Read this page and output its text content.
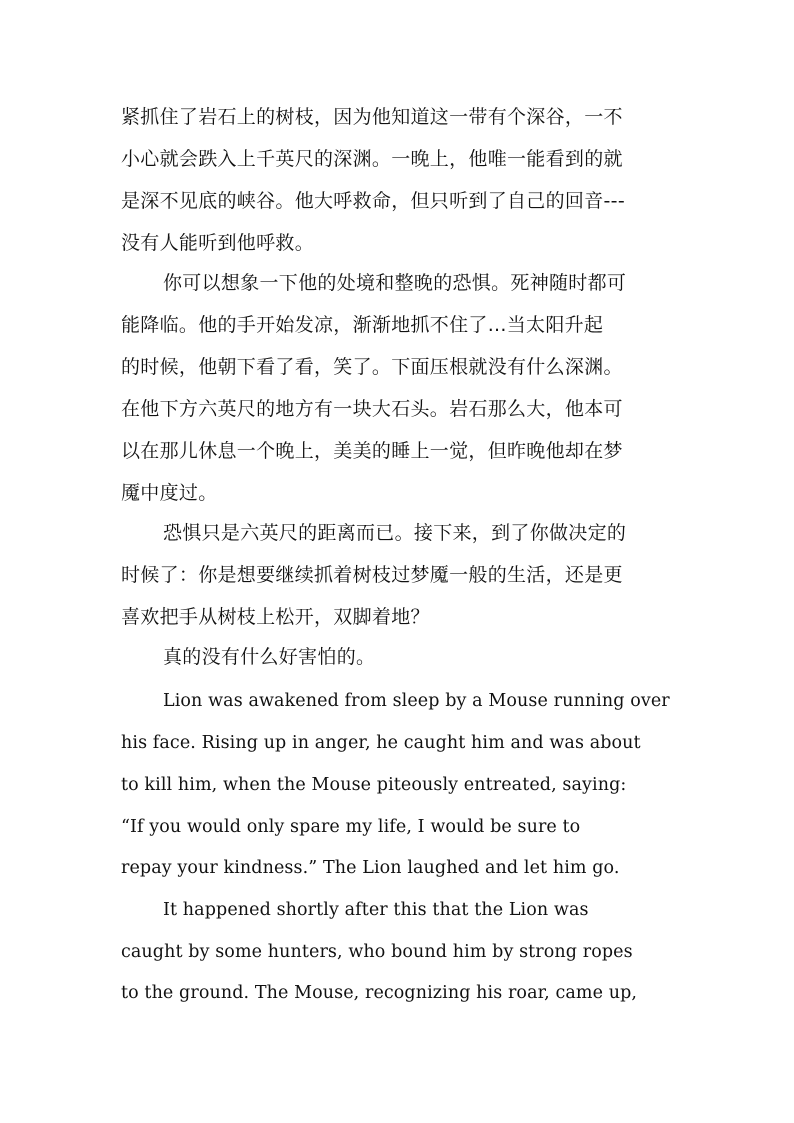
紧抓住了岩石上的树枝，因为他知道这一带有个深谷，一不
小心就会跌入上千英尺的深渊。一晚上，他唯一能看到的就
是深不见底的峡谷。他大呼救命，但只听到了自己的回音---
没有人能听到他呼救。
你可以想象一下他的处境和整晚的恐惧。死神随时都可
能降临。他的手开始发凉，渐渐地抓不住了...当太阳升起
的时候，他朝下看了看，笑了。下面压根就没有什么深渊。
在他下方六英尺的地方有一块大石头。岩石那么大，他本可
以在那儿休息一个晚上，美美的睡上一觉，但昨晚他却在梦
魇中度过。
恐惧只是六英尺的距离而已。接下来，到了你做决定的
时候了：你是想要继续抓着树枝过梦魇一般的生活，还是更
喜欢把手从树枝上松开，双脚着地？
真的没有什么好害怕的。
Lion was awakened from sleep by a Mouse running over
his face. Rising up in anger, he caught him and was about
to kill him, when the Mouse piteously entreated, saying:
“If you would only spare my life, I would be sure to
repay your kindness.” The Lion laughed and let him go.
It happened shortly after this that the Lion was
caught by some hunters, who bound him by strong ropes
to the ground. The Mouse, recognizing his roar, came up,
